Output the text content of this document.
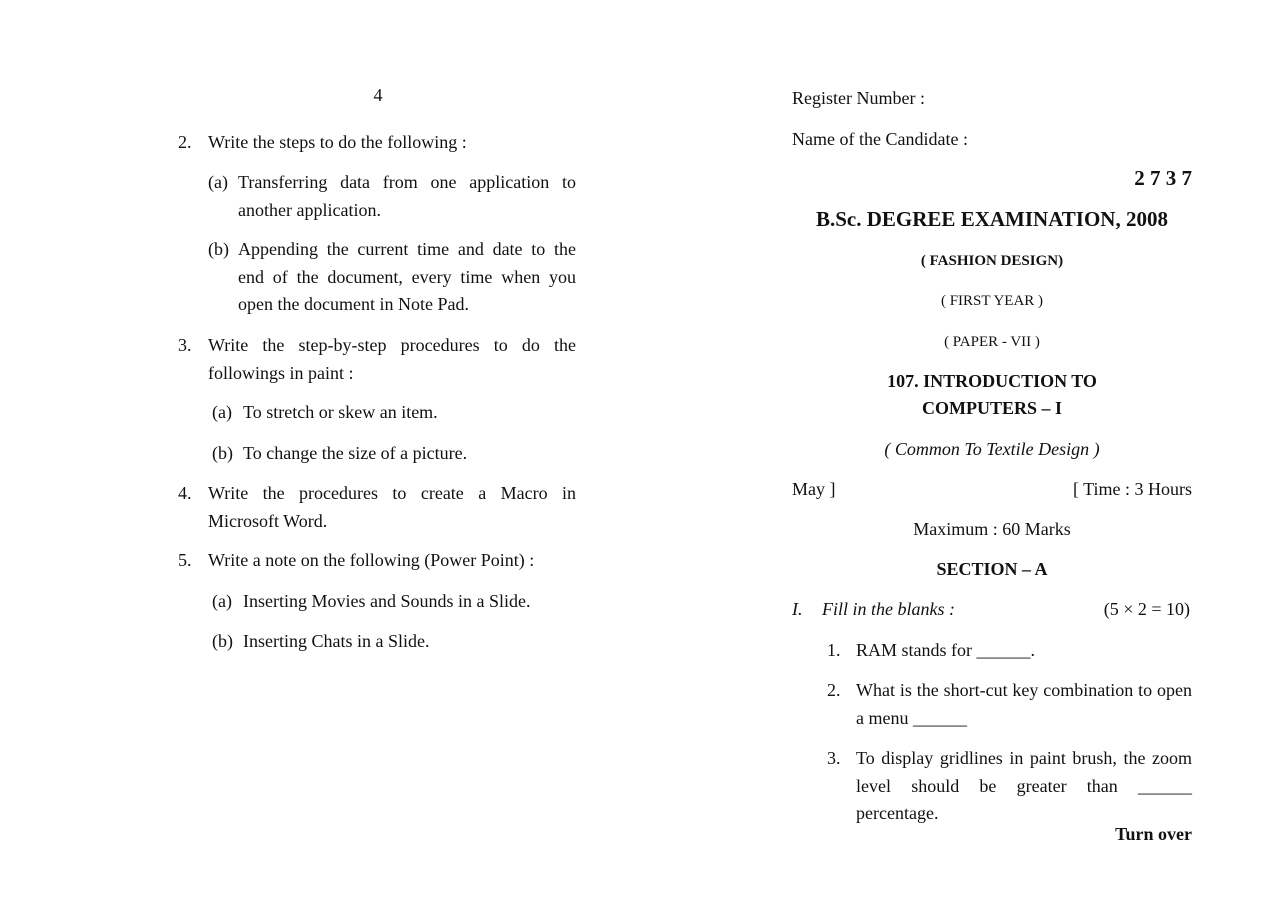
4
2. Write the steps to do the following :
(a) Transferring data from one application to another application.
(b) Appending the current time and date to the end of the document, every time when you open the document in Note Pad.
3. Write the step-by-step procedures to do the followings in paint :
(a) To stretch or skew an item.
(b) To change the size of a picture.
4. Write the procedures to create a Macro in Microsoft Word.
5. Write a note on the following (Power Point) :
(a) Inserting Movies and Sounds in a Slide.
(b) Inserting Chats in a Slide.
Register Number :
Name of the Candidate :
2 7 3 7
B.Sc. DEGREE EXAMINATION, 2008
( FASHION DESIGN)
( FIRST YEAR )
( PAPER - VII )
107. INTRODUCTION TO
COMPUTERS – I
( Common To Textile Design )
May ]	[ Time : 3 Hours
Maximum : 60 Marks
SECTION – A
I. Fill in the blanks :	(5 × 2 = 10)
1. RAM stands for ______.
2. What is the short-cut key combination to open a menu ______
3. To display gridlines in paint brush, the zoom level should be greater than ______ percentage.
Turn over
